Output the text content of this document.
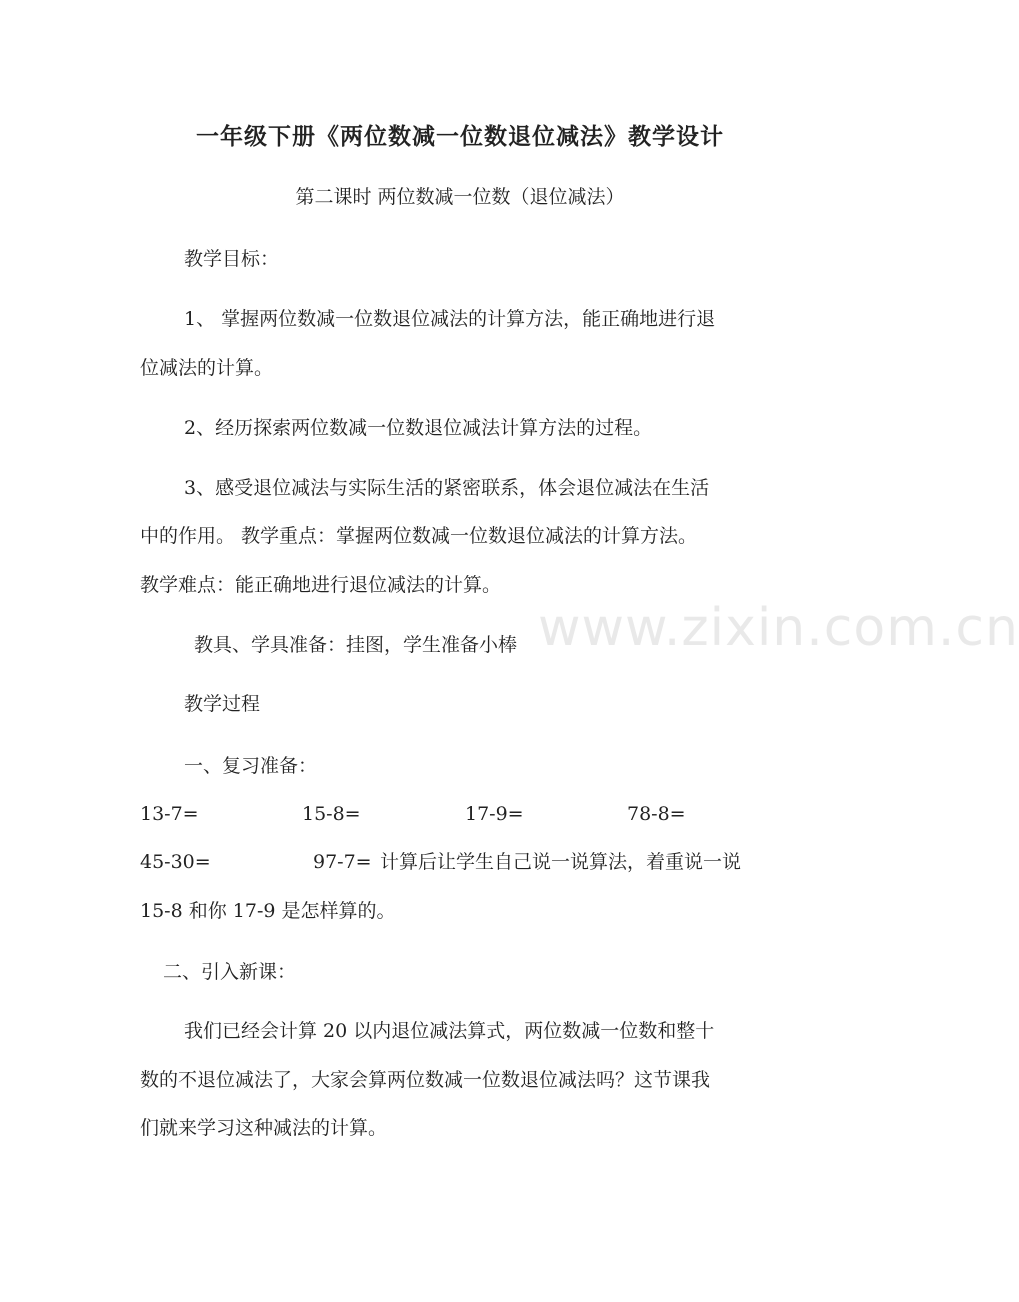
www.zixin.com.cn
一年级下册《两位数减一位数退位减法》教学设计
第二课时 两位数减一位数（退位减法）
教学目标：
1、 掌握两位数减一位数退位减法的计算方法，能正确地进行退
位减法的计算。
2、经历探索两位数减一位数退位减法计算方法的过程。
3、感受退位减法与实际生活的紧密联系，体会退位减法在生活
中的作用。 教学重点：掌握两位数减一位数退位减法的计算方法。
教学难点：能正确地进行退位减法的计算。
教具、学具准备：挂图，学生准备小棒
教学过程
一、复习准备：
13-7=	15-8=	17-9=	78-8=
45-30=	97-7= 计算后让学生自己说一说算法，着重说一说
15-8 和你 17-9 是怎样算的。
二、引入新课：
我们已经会计算 20 以内退位减法算式，两位数减一位数和整十
数的不退位减法了，大家会算两位数减一位数退位减法吗？这节课我
们就来学习这种减法的计算。
